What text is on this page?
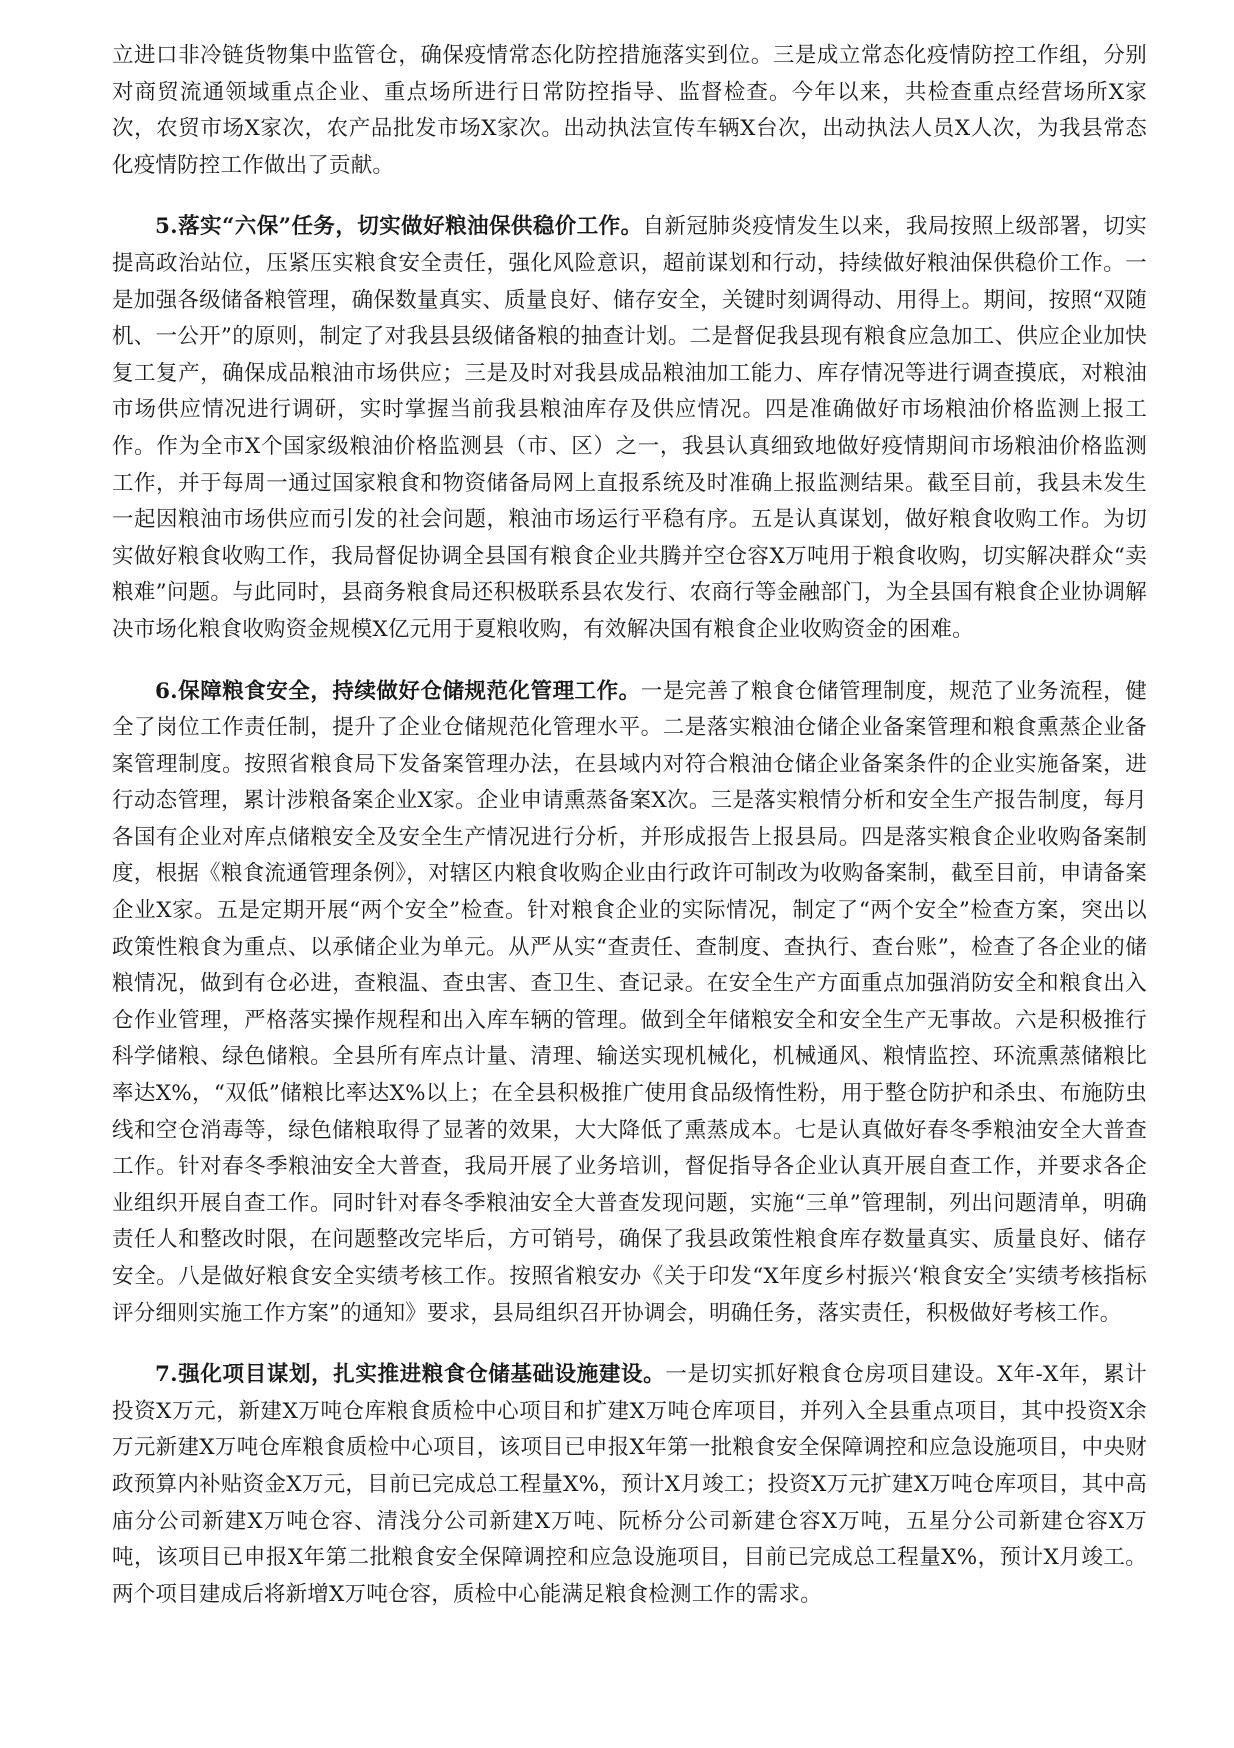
立进口非冷链货物集中监管仓，确保疫情常态化防控措施落实到位。三是成立常态化疫情防控工作组，分别对商贸流通领域重点企业、重点场所进行日常防控指导、监督检查。今年以来，共检查重点经营场所X家次，农贸市场X家次，农产品批发市场X家次。出动执法宣传车辆X台次，出动执法人员X人次，为我县常态化疫情防控工作做出了贡献。

5.落实“六保”任务，切实做好粮油保供稳价工作。自新冠肺炎疫情发生以来，我局按照上级部署，切实提高政治站位，压紧压实粮食安全责任，强化风险意识，超前谋划和行动，持续做好粮油保供稳价工作。一是加强各级储备粮管理，确保数量真实、质量良好、储存安全，关键时刻调得动、用得上。期间，按照“双随机、一公开”的原则，制定了对我县县级储备粮的抽查计划。二是督促我县现有粮食应急加工、供应企业加快复工复产，确保成品粮油市场供应；三是及时对我县成品粮油加工能力、库存情况等进行调查摸底，对粮油市场供应情况进行调研，实时掌握当前我县粮油库存及供应情况。四是准确做好市场粮油价格监测上报工作。作为全市X个国家级粮油价格监测县（市、区）之一，我县认真细致地做好疫情期间市场粮油价格监测工作，并于每周一通过国家粮食和物资储备局网上直报系统及时准确上报监测结果。截至目前，我县未发生一起因粮油市场供应而引发的社会问题，粮油市场运行平稳有序。五是认真谋划，做好粮食收购工作。为切实做好粮食收购工作，我局督促协调全县国有粮食企业共腾并空仓容X万吨用于粮食收购，切实解决群众“卖粮难”问题。与此同时，县商务粮食局还积极联系县农发行、农商行等金融部门，为全县国有粮食企业协调解决市场化粮食收购资金规模X亿元用于夏粮收购，有效解决国有粮食企业收购资金的困难。

6.保障粮食安全，持续做好仓储规范化管理工作。一是完善了粮食仓储管理制度，规范了业务流程，健全了岗位工作责任制，提升了企业仓储规范化管理水平。二是落实粮油仓储企业备案管理和粮食熏蒸企业备案管理制度。按照省粮食局下发备案管理办法，在县域内对符合粮油仓储企业备案条件的企业实施备案，进行动态管理，累计涉粮备案企业X家。企业申请熏蒸备案X次。三是落实粮情分析和安全生产报告制度，每月各国有企业对库点储粮安全及安全生产情况进行分析，并形成报告上报县局。四是落实粮食企业收购备案制度，根据《粮食流通管理条例》，对辖区内粮食收购企业由行政许可制改为收购备案制，截至目前，申请备案企业X家。五是定期开展“两个安全”检查。针对粮食企业的实际情况，制定了“两个安全”检查方案，突出以政策性粮食为重点、以承储企业为单元。从严从实“查责任、查制度、查执行、查台账”，检查了各企业的储粮情况，做到有仓必进，查粮温、查虫害、查卫生、查记录。在安全生产方面重点加强消防安全和粮食出入仓作业管理，严格落实操作规程和出入库车辆的管理。做到全年储粮安全和安全生产无事故。六是积极推行科学储粮、绿色储粮。全县所有库点计量、清理、输送实现机械化，机械通风、粮情监控、环流熏蒸储粮比率达X%，“双低”储粮比率达X%以上；在全县积极推广使用食品级惰性粉，用于整仓防护和杀虫、布施防虫线和空仓消毒等，绿色储粮取得了显著的效果，大大降低了熏蒸成本。七是认真做好春冬季粮油安全大普查工作。针对春冬季粮油安全大普查，我局开展了业务培训，督促指导各企业认真开展自查工作，并要求各企业组织开展自查工作。同时针对春冬季粮油安全大普查发现问题，实施“三单”管理制，列出问题清单，明确责任人和整改时限，在问题整改完毕后，方可销号，确保了我县政策性粮食库存数量真实、质量良好、储存安全。八是做好粮食安全实绩考核工作。按照省粮安办《关于印发“X年度乡村振兴‘粮食安全’实绩考核指标评分细则实施工作方案”的通知》要求，县局组织召开协调会，明确任务，落实责任，积极做好考核工作。

7.强化项目谋划，扎实推进粮食仓储基础设施建设。一是切实抓好粮食仓房项目建设。X年-X年，累计投资X万元，新建X万吨仓库粮食质检中心项目和扩建X万吨仓库项目，并列入全县重点项目，其中投资X余万元新建X万吨仓库粮食质检中心项目，该项目已申报X年第一批粮食安全保障调控和应急设施项目，中央财政预算内补贴资金X万元，目前已完成总工程量X%，预计X月竣工；投资X万元扩建X万吨仓库项目，其中高庙分公司新建X万吨仓容、清浅分公司新建X万吨、阮桥分公司新建仓容X万吨，五星分公司新建仓容X万吨，该项目已申报X年第二批粮食安全保障调控和应急设施项目，目前已完成总工程量X%，预计X月竣工。两个项目建成后将新增X万吨仓容，质检中心能满足粮食检测工作的需求。
